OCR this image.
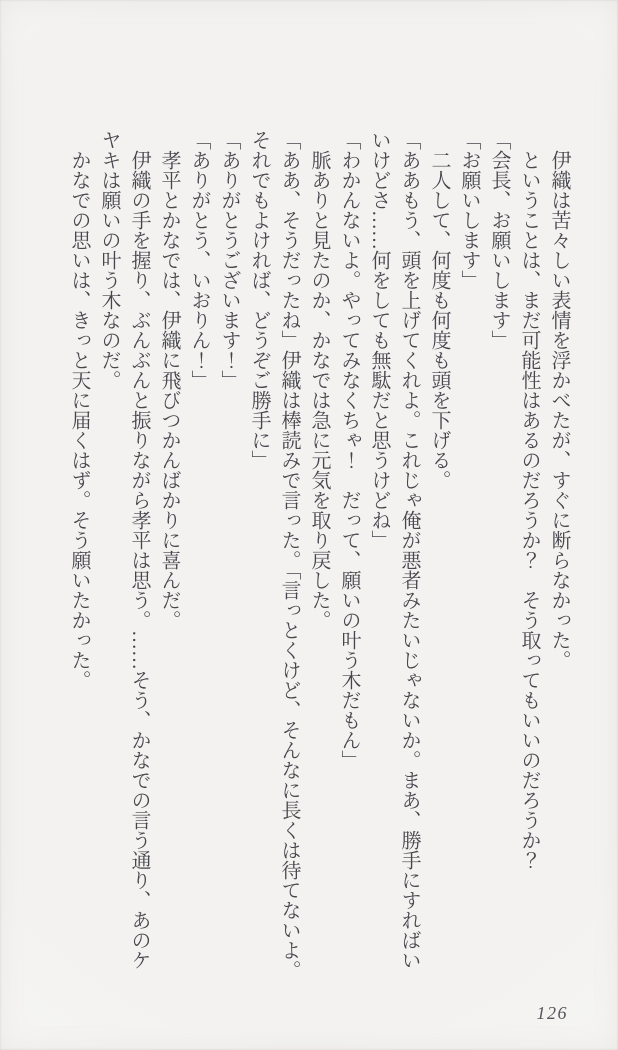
　伊織は苦々しい表情を浮かべたが、すぐに断らなかった。

　ということは、まだ可能性はあるのだろうか？　そう取ってもいいのだろうか？

「会長、お願いします」

「お願いします」

　二人して、何度も何度も頭を下げる。

「ああもう、頭を上げてくれよ。これじゃ俺が悪者みたいじゃないか。まあ、勝手にすればい

いけどさ……何をしても無駄だと思うけどね」

「わかんないよ。やってみなくちゃ！　だって、願いの叶う木だもん」

　脈ありと見たのか、かなでは急に元気を取り戻した。

「ああ、そうだったね」伊織は棒読みで言った。「言っとくけど、そんなに長くは待てないよ。

それでもよければ、どうぞご勝手に」

「ありがとうございます！」

「ありがとう、いおりん！」

　孝平とかなでは、伊織に飛びつかんばかりに喜んだ。

　伊織の手を握り、ぶんぶんと振りながら孝平は思う。……そう、かなでの言う通り、あのケ

ヤキは願いの叶う木なのだ。

　かなでの思いは、きっと天に届くはず。そう願いたかった。

126
